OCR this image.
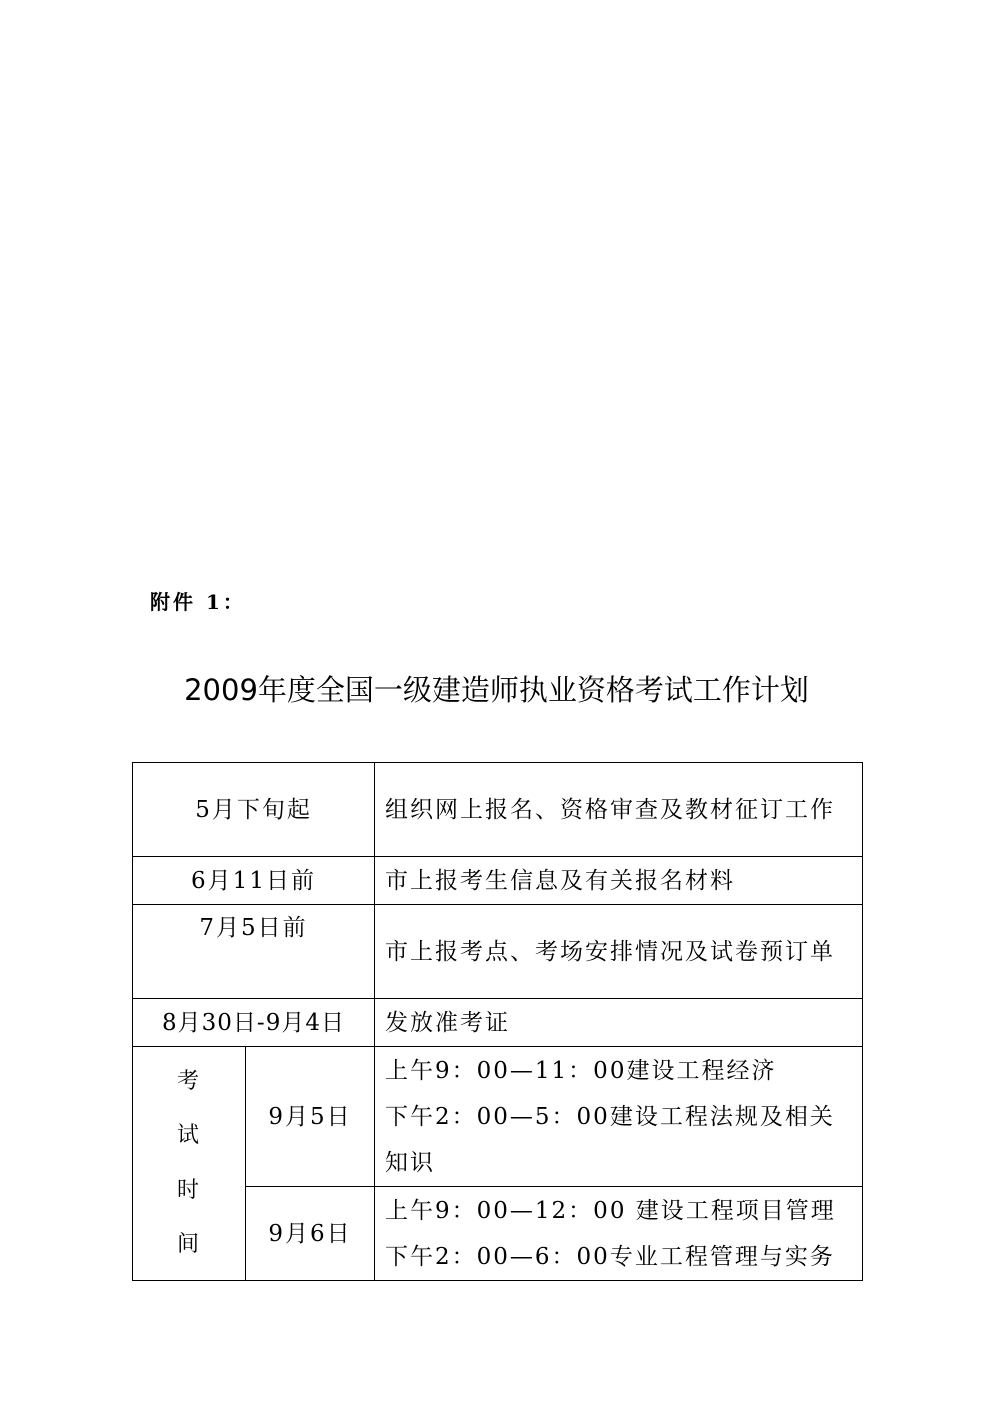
附件 1：
2009年度全国一级建造师执业资格考试工作计划
5月下旬起		组织网上报名、资格审查及教材征订工作
6月11日前		市上报考生信息及有关报名材料
7月5日前		市上报考点、考场安排情况及试卷预订单
8月30日-9月4日		发放准考证

考
试
时
间	9月5日	上午9：00—11：00建设工程经济
下午2：00—5：00建设工程法规及相关知识

	9月6日	上午9：00—12：00 建设工程项目管理
下午2：00—6：00专业工程管理与实务
